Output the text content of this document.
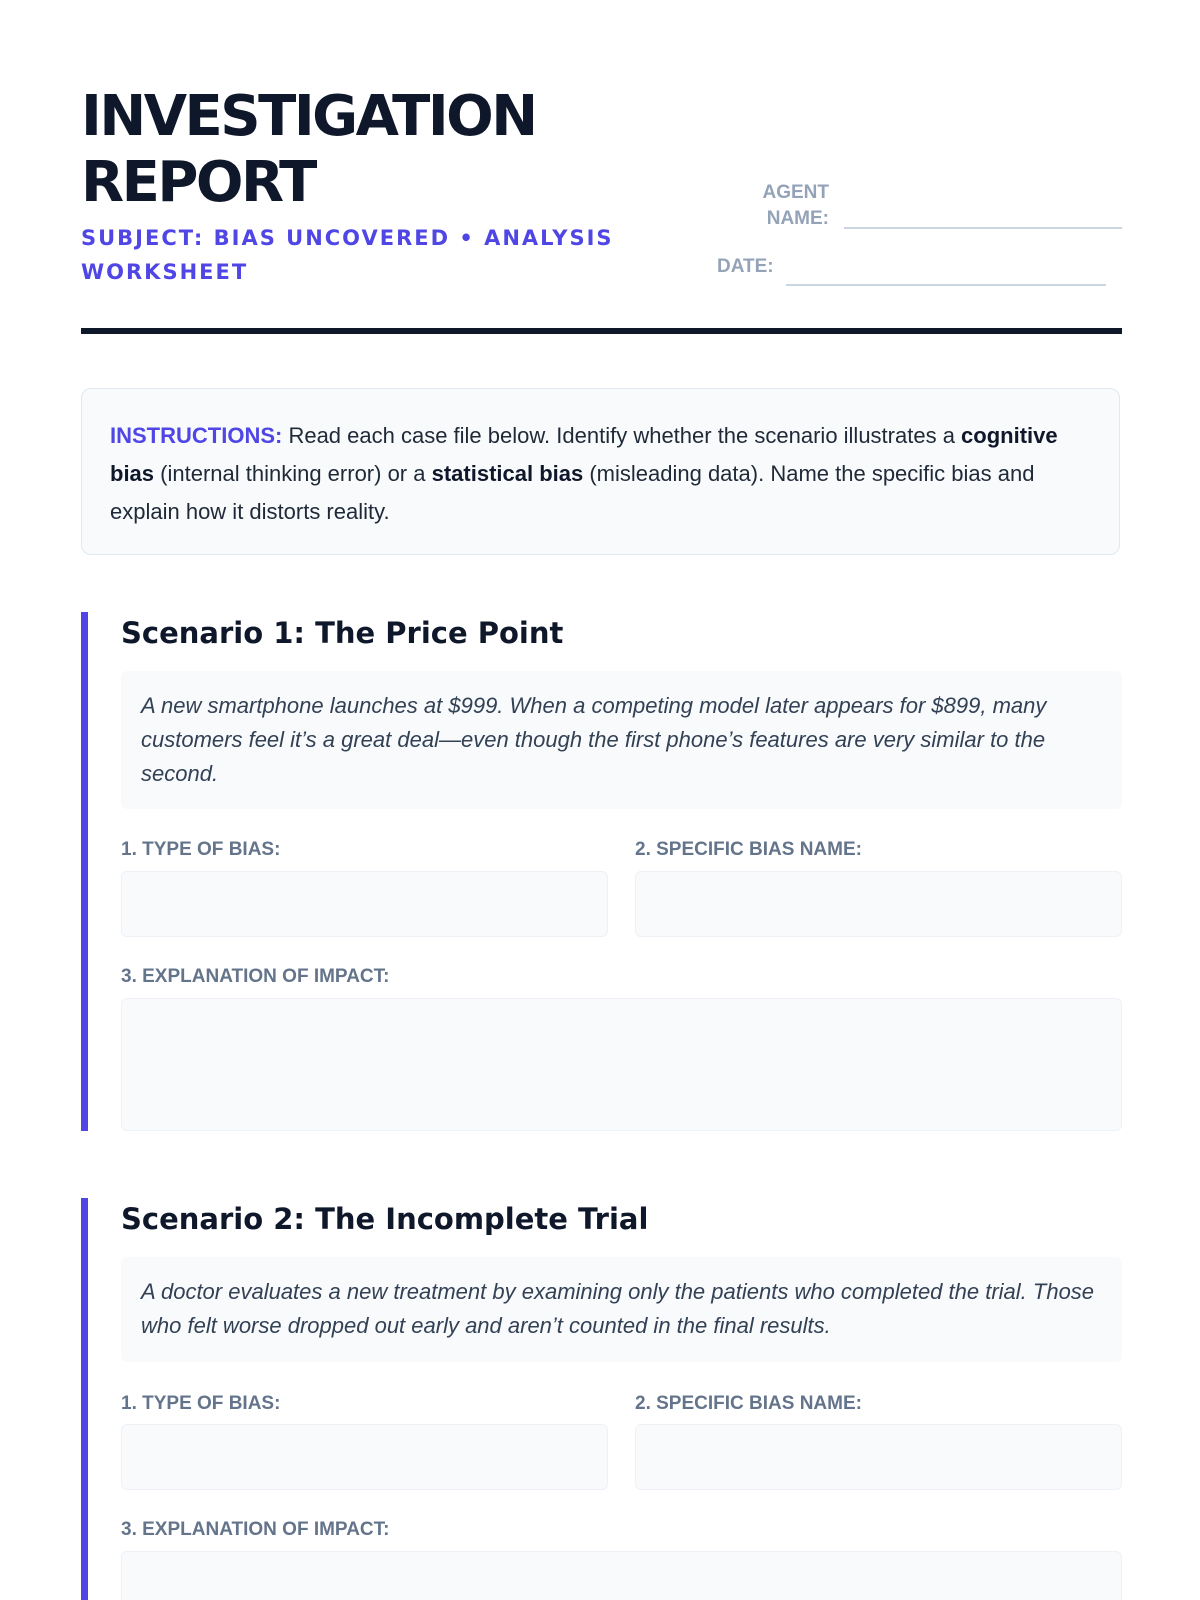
INVESTIGATION REPORT
SUBJECT: BIAS UNCOVERED • ANALYSIS WORKSHEET
AGENT NAME:
DATE:
INSTRUCTIONS: Read each case file below. Identify whether the scenario illustrates a cognitive bias (internal thinking error) or a statistical bias (misleading data). Name the specific bias and explain how it distorts reality.
Scenario 1: The Price Point
A new smartphone launches at $999. When a competing model later appears for $899, many customers feel it’s a great deal—even though the first phone’s features are very similar to the second.
1. TYPE OF BIAS:	2. SPECIFIC BIAS NAME:
3. EXPLANATION OF IMPACT:
Scenario 2: The Incomplete Trial
A doctor evaluates a new treatment by examining only the patients who completed the trial. Those who felt worse dropped out early and aren’t counted in the final results.
1. TYPE OF BIAS:	2. SPECIFIC BIAS NAME:
3. EXPLANATION OF IMPACT:
